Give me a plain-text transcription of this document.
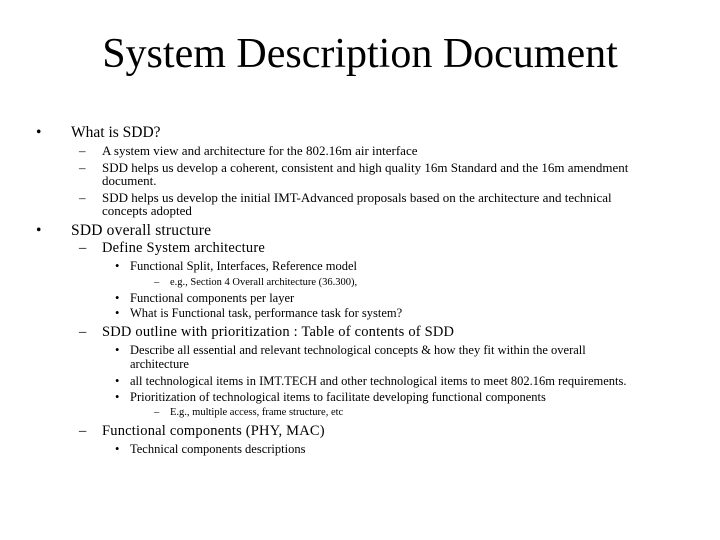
System Description Document
• What is SDD?
– A system view and architecture for the 802.16m air interface
– SDD helps us develop a coherent, consistent and high quality 16m Standard and the 16m amendment
document.
– SDD helps us develop the initial IMT-Advanced proposals based on the architecture and technical
concepts adopted
• SDD overall structure
– Define System architecture
• Functional Split, Interfaces, Reference model
– e.g., Section 4 Overall architecture (36.300),
• Functional components per layer
• What is Functional task, performance task for system?
– SDD outline with prioritization : Table of contents of SDD
• Describe all essential and relevant technological concepts & how they fit within the overall
architecture
• all technological items in IMT.TECH and other technological items to meet 802.16m requirements.
• Prioritization of technological items to facilitate developing functional components
– E.g., multiple access, frame structure, etc
– Functional components (PHY, MAC)
• Technical components descriptions
